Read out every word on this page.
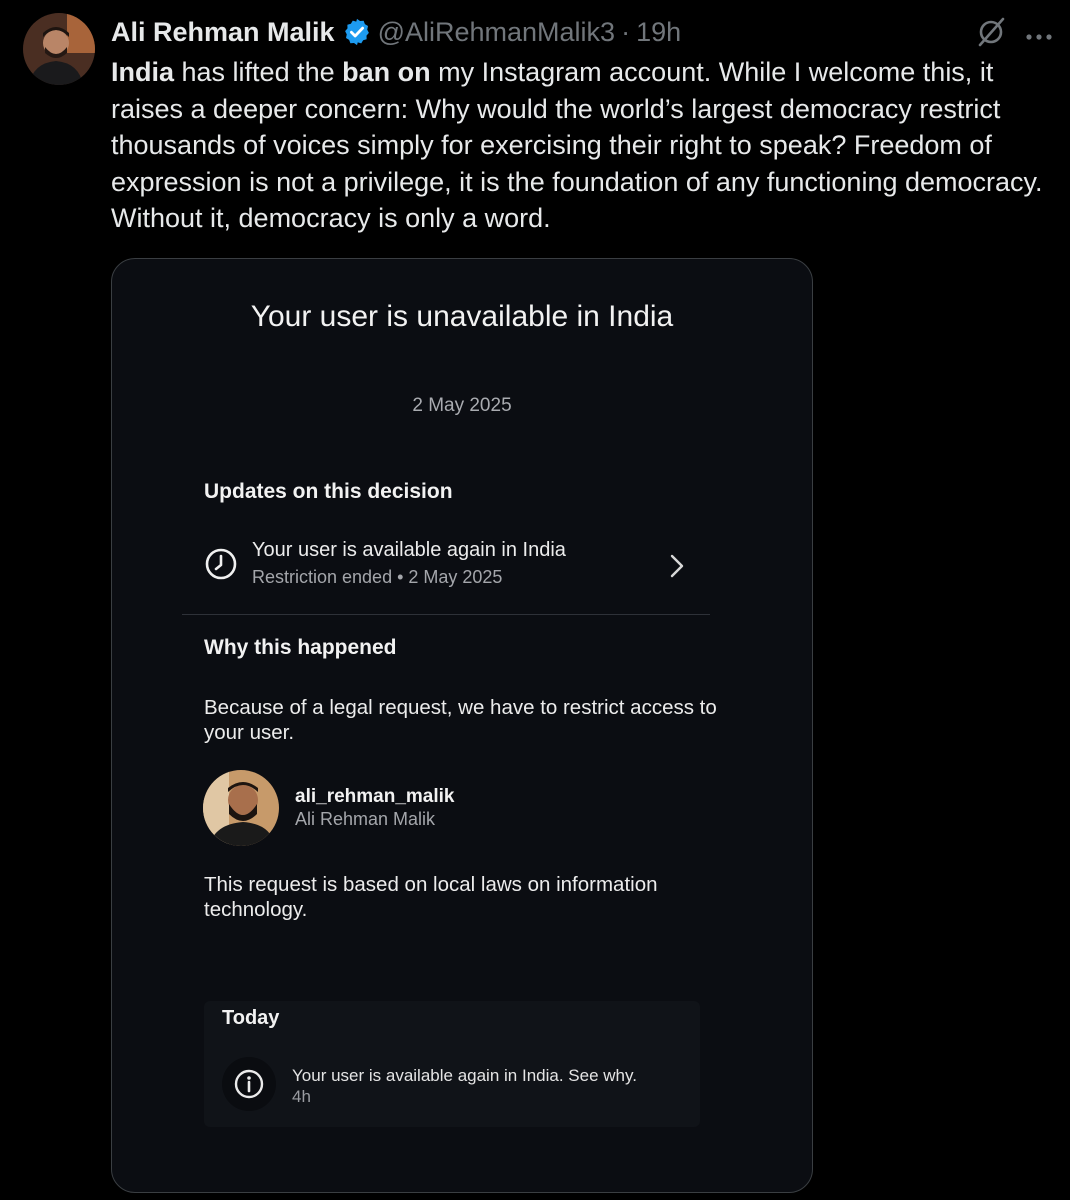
Ali Rehman Malik @AliRehmanMalik3 · 19h
India has lifted the ban on my Instagram account. While I welcome this, it raises a deeper concern: Why would the world’s largest democracy restrict thousands of voices simply for exercising their right to speak? Freedom of expression is not a privilege, it is the foundation of any functioning democracy. Without it, democracy is only a word.
Your user is unavailable in India
2 May 2025
Updates on this decision
Your user is available again in India
Restriction ended • 2 May 2025
Why this happened
Because of a legal request, we have to restrict access to your user.
ali_rehman_malik
Ali Rehman Malik
This request is based on local laws on information technology.
Today
Your user is available again in India. See why. 4h
